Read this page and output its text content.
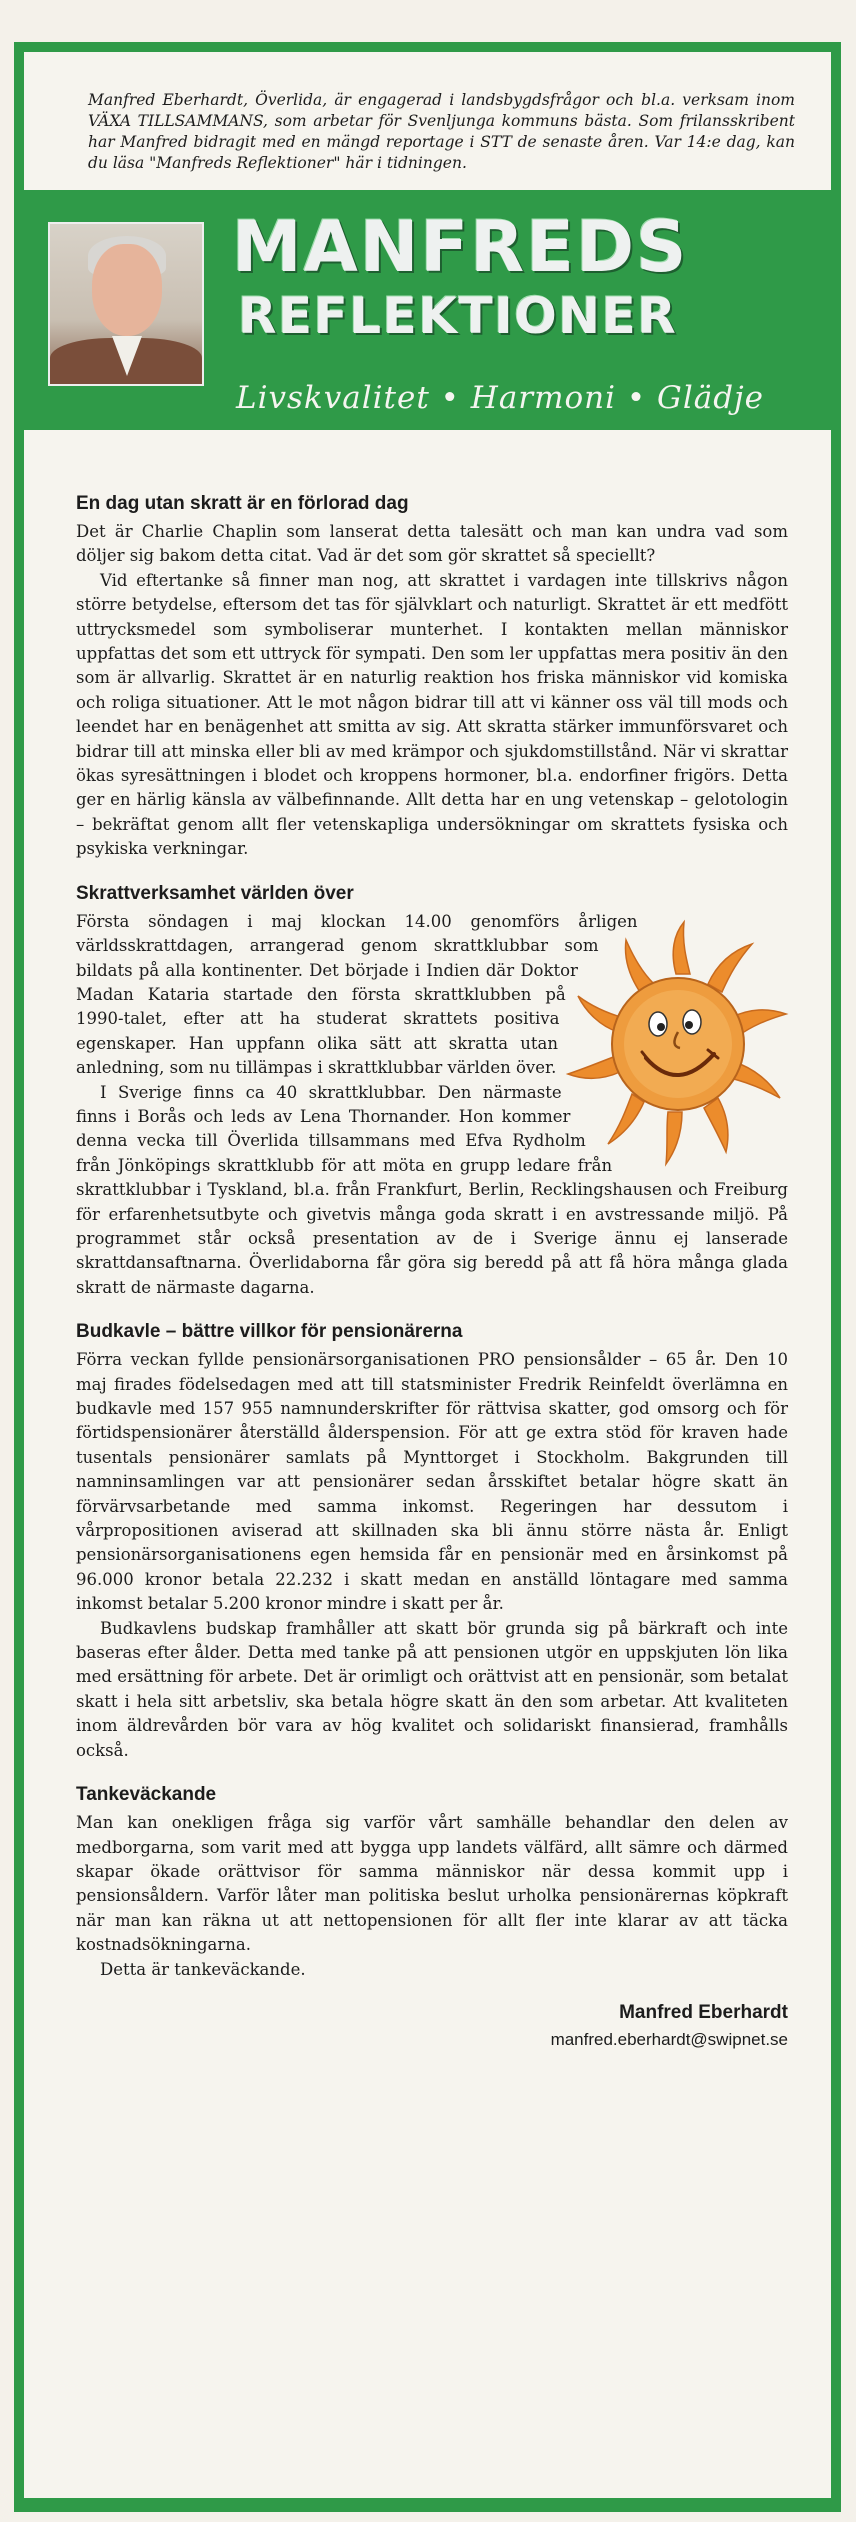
Manfred Eberhardt, Överlida, är engagerad i landsbygdsfrågor och bl.a. verksam inom VÄXA TILLSAMMANS, som arbetar för Svenljunga kommuns bästa. Som frilansskribent har Manfred bidragit med en mängd reportage i STT de senaste åren. Var 14:e dag, kan du läsa "Manfreds Reflektioner" här i tidningen.
MANFREDS
REFLEKTIONER
Livskvalitet • Harmoni • Glädje
En dag utan skratt är en förlorad dag

Det är Charlie Chaplin som lanserat detta talesätt och man kan undra vad som döljer sig bakom detta citat. Vad är det som gör skrattet så speciellt?

Vid eftertanke så finner man nog, att skrattet i vardagen inte tillskrivs någon större betydelse, eftersom det tas för självklart och naturligt. Skrattet är ett medfött uttrycksmedel som symboliserar munterhet. I kontakten mellan människor uppfattas det som ett uttryck för sympati. Den som ler uppfattas mera positiv än den som är allvarlig. Skrattet är en naturlig reaktion hos friska människor vid komiska och roliga situationer. Att le mot någon bidrar till att vi känner oss väl till mods och leendet har en benägenhet att smitta av sig. Att skratta stärker immunförsvaret och bidrar till att minska eller bli av med krämpor och sjukdomstillstånd. När vi skrattar ökas syresättningen i blodet och kroppens hormoner, bl.a. endorfiner frigörs. Detta ger en härlig känsla av välbefinnande. Allt detta har en ung vetenskap – gelotologin – bekräftat genom allt fler vetenskapliga undersökningar om skrattets fysiska och psykiska verkningar.

Skrattverksamhet världen över

Första söndagen i maj klockan 14.00 genomförs årligen världsskrattdagen, arrangerad genom skrattklubbar som bildats på alla kontinenter. Det började i Indien där Doktor Madan Kataria startade den första skrattklubben på 1990-talet, efter att ha studerat skrattets positiva egenskaper. Han uppfann olika sätt att skratta utan anledning, som nu tillämpas i skrattklubbar världen över.

I Sverige finns ca 40 skrattklubbar. Den närmaste finns i Borås och leds av Lena Thornander. Hon kommer denna vecka till Överlida tillsammans med Efva Rydholm från Jönköpings skrattklubb för att möta en grupp ledare från skrattklubbar i Tyskland, bl.a. från Frankfurt, Berlin, Recklingshausen och Freiburg för erfarenhetsutbyte och givetvis många goda skratt i en avstressande miljö. På programmet står också presentation av de i Sverige ännu ej lanserade skrattdansaftnarna. Överlidaborna får göra sig beredd på att få höra många glada skratt de närmaste dagarna.

Budkavle – bättre villkor för pensionärerna

Förra veckan fyllde pensionärsorganisationen PRO pensionsålder – 65 år. Den 10 maj firades födelsedagen med att till statsminister Fredrik Reinfeldt överlämna en budkavle med 157 955 namnunderskrifter för rättvisa skatter, god omsorg och för förtidspensionärer återställd ålderspension. För att ge extra stöd för kraven hade tusentals pensionärer samlats på Mynttorget i Stockholm. Bakgrunden till namninsamlingen var att pensionärer sedan årsskiftet betalar högre skatt än förvärvsarbetande med samma inkomst. Regeringen har dessutom i vårpropositionen aviserad att skillnaden ska bli ännu större nästa år. Enligt pensionärsorganisationens egen hemsida får en pensionär med en årsinkomst på 96.000 kronor betala 22.232 i skatt medan en anställd löntagare med samma inkomst betalar 5.200 kronor mindre i skatt per år.

Budkavlens budskap framhåller att skatt bör grunda sig på bärkraft och inte baseras efter ålder. Detta med tanke på att pensionen utgör en uppskjuten lön lika med ersättning för arbete. Det är orimligt och orättvist att en pensionär, som betalat skatt i hela sitt arbetsliv, ska betala högre skatt än den som arbetar. Att kvaliteten inom äldrevården bör vara av hög kvalitet och solidariskt finansierad, framhålls också.

Tankeväckande

Man kan onekligen fråga sig varför vårt samhälle behandlar den delen av medborgarna, som varit med att bygga upp landets välfärd, allt sämre och därmed skapar ökade orättvisor för samma människor när dessa kommit upp i pensionsåldern. Varför låter man politiska beslut urholka pensionärernas köpkraft när man kan räkna ut att nettopensionen för allt fler inte klarar av att täcka kostnadsökningarna.

Detta är tankeväckande.

Manfred Eberhardt
manfred.eberhardt@swipnet.se
